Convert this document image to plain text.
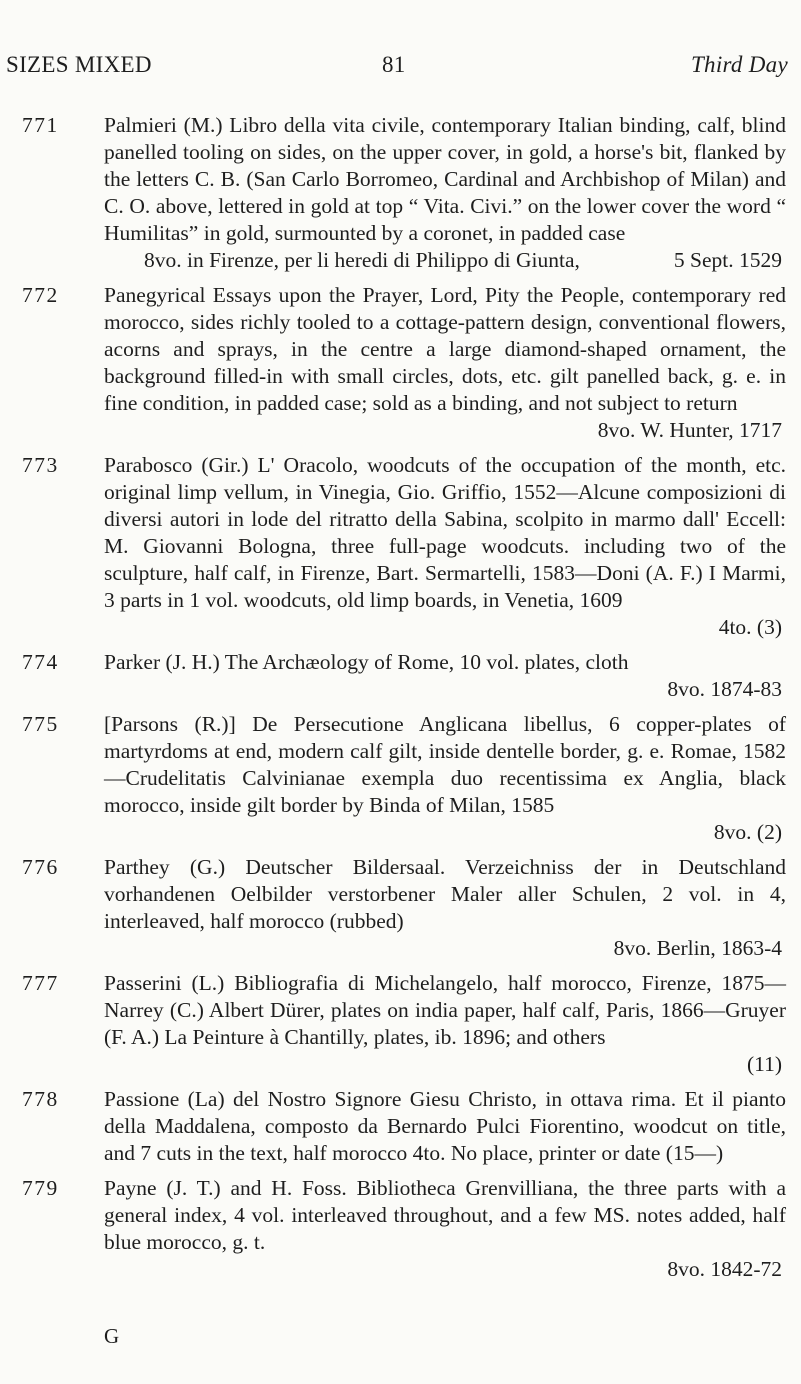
SIZES MIXED	81	Third Day
771 Palmieri (M.) Libro della vita civile, contemporary Italian binding, calf, blind panelled tooling on sides, on the upper cover, in gold, a horse's bit, flanked by the letters C. B. (San Carlo Borromeo, Cardinal and Archbishop of Milan) and C. O. above, lettered in gold at top “ Vita. Civi.” on the lower cover the word “ Humilitas” in gold, surmounted by a coronet, in padded case
8vo. in Firenze, per li heredi di Philippo di Giunta,	5 Sept. 1529
772 Panegyrical Essays upon the Prayer, Lord, Pity the People, contemporary red morocco, sides richly tooled to a cottage-pattern design, conventional flowers, acorns and sprays, in the centre a large diamond-shaped ornament, the background filled-in with small circles, dots, etc. gilt panelled back, g. e. in fine condition, in padded case; sold as a binding, and not subject to return
8vo. W. Hunter, 1717
773 Parabosco (Gir.) L' Oracolo, woodcuts of the occupation of the month, etc. original limp vellum, in Vinegia, Gio. Griffio, 1552—Alcune composizioni di diversi autori in lode del ritratto della Sabina, scolpito in marmo dall' Eccell: M. Giovanni Bologna, three full-page woodcuts. including two of the sculpture, half calf, in Firenze, Bart. Sermartelli, 1583—Doni (A. F.) I Marmi, 3 parts in 1 vol. woodcuts, old limp boards, in Venetia, 1609
4to. (3)
774 Parker (J. H.) The Archæology of Rome, 10 vol. plates, cloth
8vo. 1874-83
775 [Parsons (R.)] De Persecutione Anglicana libellus, 6 copper-plates of martyrdoms at end, modern calf gilt, inside dentelle border, g. e. Romae, 1582—Crudelitatis Calvinianae exempla duo recentissima ex Anglia, black morocco, inside gilt border by Binda of Milan, 1585
8vo. (2)
776 Parthey (G.) Deutscher Bildersaal. Verzeichniss der in Deutschland vorhandenen Oelbilder verstorbener Maler aller Schulen, 2 vol. in 4, interleaved, half morocco (rubbed)
8vo. Berlin, 1863-4
777 Passerini (L.) Bibliografia di Michelangelo, half morocco, Firenze, 1875—Narrey (C.) Albert Dürer, plates on india paper, half calf, Paris, 1866—Gruyer (F. A.) La Peinture à Chantilly, plates, ib. 1896; and others
(11)
778 Passione (La) del Nostro Signore Giesu Christo, in ottava rima. Et il pianto della Maddalena, composto da Bernardo Pulci Fiorentino, woodcut on title, and 7 cuts in the text, half morocco 4to. No place, printer or date (15—)
779 Payne (J. T.) and H. Foss. Bibliotheca Grenvilliana, the three parts with a general index, 4 vol. interleaved throughout, and a few MS. notes added, half blue morocco, g. t.
8vo. 1842-72
G
